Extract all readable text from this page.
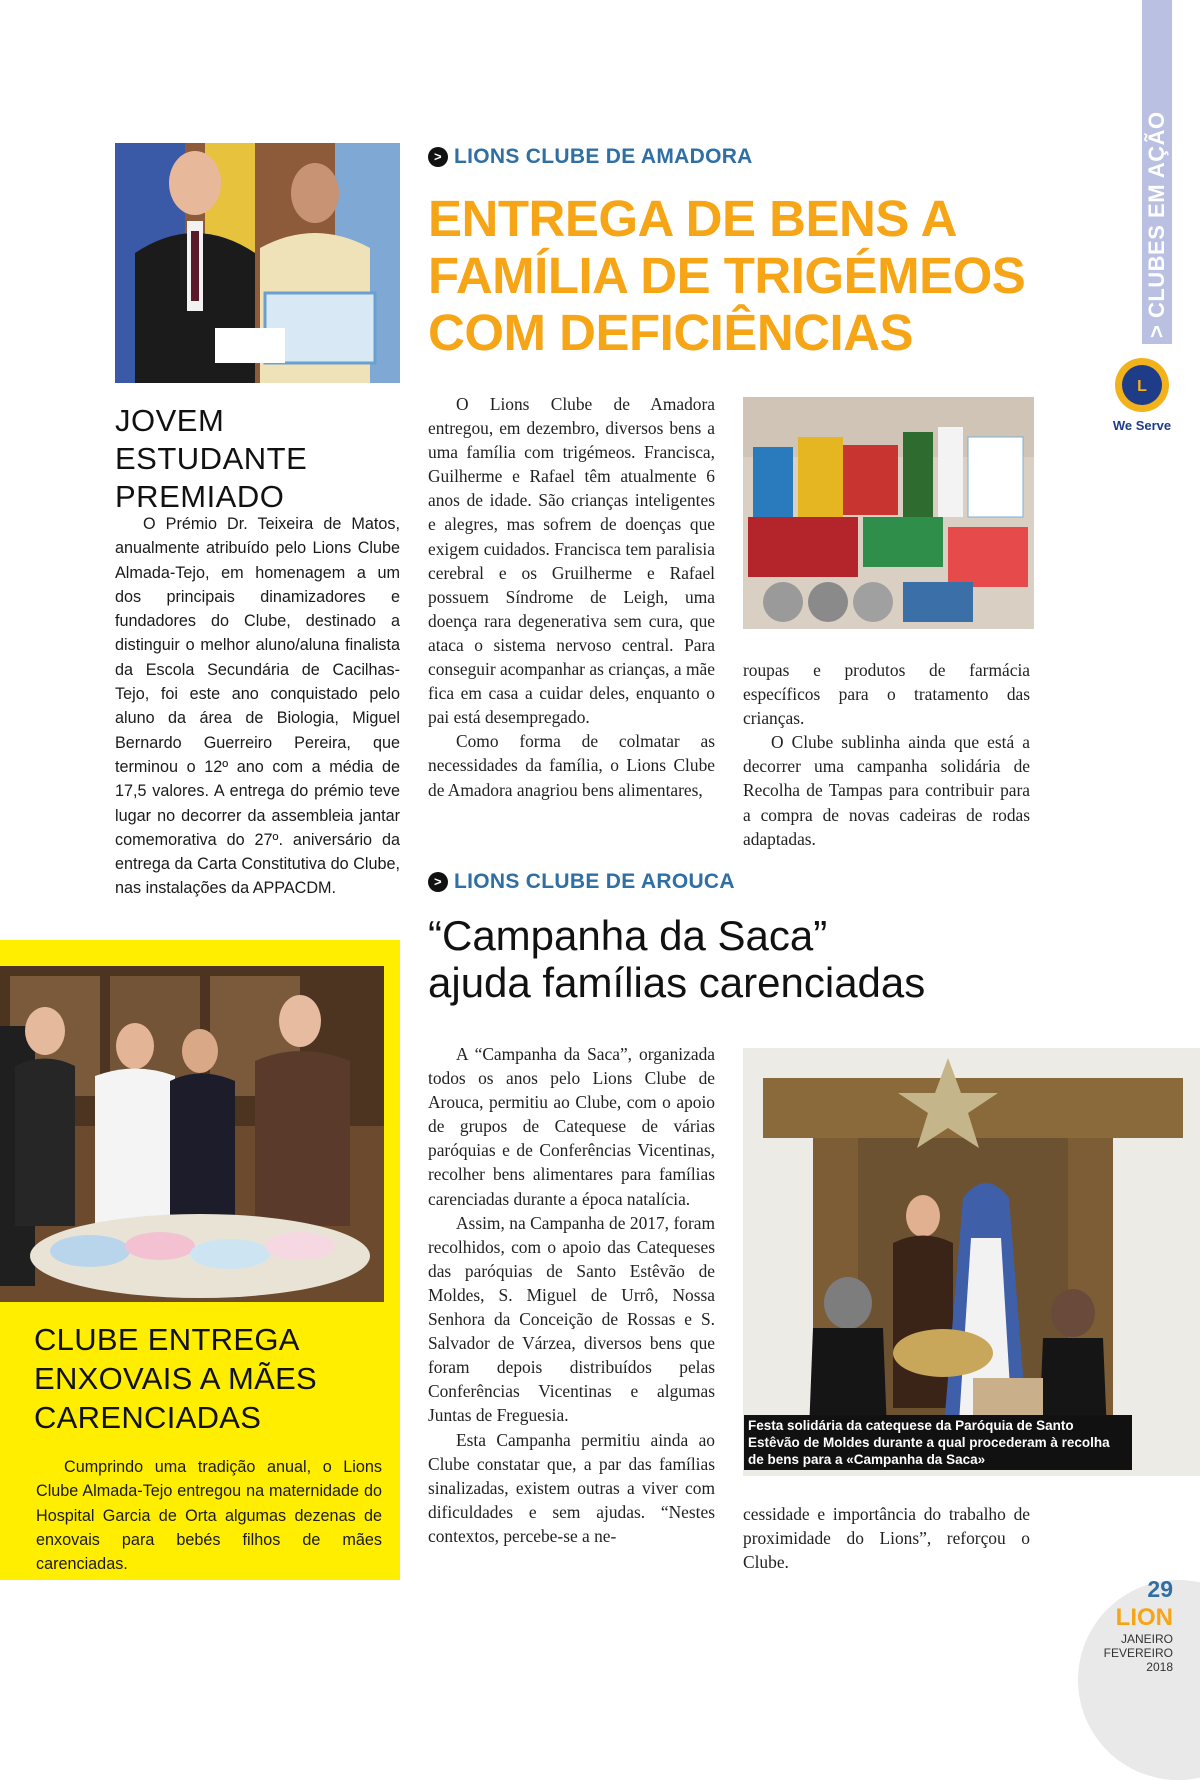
> CLUBES EM AÇÃO
L
We Serve
JOVEM ESTUDANTE
PREMIADO

O Prémio Dr. Teixeira de Matos, anualmente atribuído pelo Lions Clube Almada-Tejo, em homenagem a um dos principais dinamizadores e fundadores do Clube, destinado a distinguir o melhor aluno/aluna finalista da Escola Secundária de Cacilhas-Tejo, foi este ano conquistado pelo aluno da área de Biologia, Miguel Bernardo Guerreiro Pereira, que terminou o 12º ano com a média de 17,5 valores. A entrega do prémio teve lugar no decorrer da assembleia jantar comemorativa do 27º. aniversário da entrega da Carta Constitutiva do Clube, nas instalações da APPACDM.

> LIONS CLUBE DE AMADORA
ENTREGA DE BENS A
FAMÍLIA DE TRIGÉMEOS
COM DEFICIÊNCIAS

O Lions Clube de Amadora entregou, em dezembro, diversos bens a uma família com trigémeos. Francisca, Guilherme e Rafael têm atualmente 6 anos de idade. São crianças inteligentes e alegres, mas sofrem de doenças que exigem cuidados. Francisca tem paralisia cerebral e os Gruilherme e Rafael possuem Síndrome de Leigh, uma doença rara degenerativa sem cura, que ataca o sistema nervoso central. Para conseguir acompanhar as crianças, a mãe fica em casa a cuidar deles, enquanto o pai está desempregado.

Como forma de colmatar as necessidades da família, o Lions Clube de Amadora anagriou bens alimentares,

roupas e produtos de farmácia específicos para o tratamento das crianças.

O Clube sublinha ainda que está a decorrer uma campanha solidária de Recolha de Tampas para contribuir para a compra de novas cadeiras de rodas adaptadas.

CLUBE ENTREGA
ENXOVAIS A MÃES
CARENCIADAS

Cumprindo uma tradição anual, o Lions Clube Almada-Tejo entregou na maternidade do Hospital Garcia de Orta algumas dezenas de enxovais para bebés filhos de mães carenciadas.

> LIONS CLUBE DE AROUCA
“Campanha da Saca”
ajuda famílias carenciadas

A “Campanha da Saca”, organizada todos os anos pelo Lions Clube de Arouca, permitiu ao Clube, com o apoio de grupos de Catequese de várias paróquias e de Conferências Vicentinas, recolher bens alimentares para famílias carenciadas durante a época natalícia.

Assim, na Campanha de 2017, foram recolhidos, com o apoio das Catequeses das paróquias de Santo Estêvão de Moldes, S. Miguel de Urrô, Nossa Senhora da Conceição de Rossas e S. Salvador de Várzea, diversos bens que foram depois distribuídos pelas Conferências Vicentinas e algumas Juntas de Freguesia.

Esta Campanha permitiu ainda ao Clube constatar que, a par das famílias sinalizadas, existem outras a viver com dificuldades e sem ajudas. “Nestes contextos, percebe-se a ne-

Festa solidária da catequese da Paróquia de Santo Estêvão de Moldes durante a qual procederam à recolha de bens para a «Campanha da Saca»

cessidade e importância do trabalho de proximidade do Lions”, reforçou o Clube.

29
LION
JANEIRO
FEVEREIRO
2018
